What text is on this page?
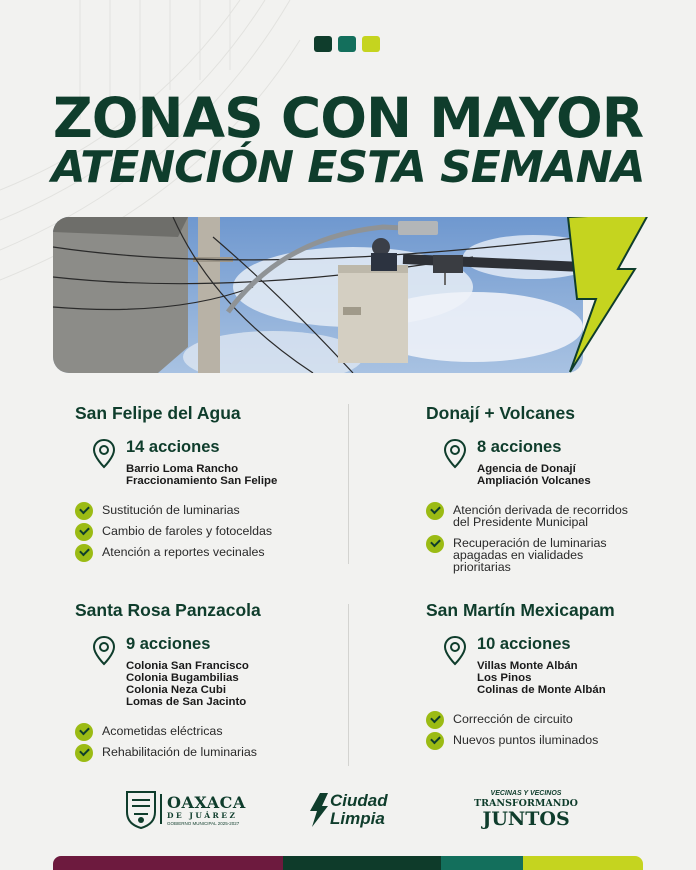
ZONAS CON MAYOR
ATENCIÓN ESTA SEMANA
San Felipe del Agua
14 acciones
Barrio Loma Rancho
Fraccionamiento San Felipe
Sustitución de luminarias
Cambio de faroles y fotoceldas
Atención a reportes vecinales
Donají + Volcanes
8 acciones
Agencia de Donají
Ampliación Volcanes
Atención derivada de recorridos
del Presidente Municipal
Recuperación de luminarias
apagadas en vialidades
prioritarias
Santa Rosa Panzacola
9 acciones
Colonia San Francisco
Colonia Bugambilias
Colonia Neza Cubi
Lomas de San Jacinto
Acometidas eléctricas
Rehabilitación de luminarias
San Martín Mexicapam
10 acciones
Villas Monte Albán
Los Pinos
Colinas de Monte Albán
Corrección de circuito
Nuevos puntos iluminados
OAXACA
DE JUÁREZ
GOBIERNO MUNICIPAL 2025-2027
Ciudad
Limpia
VECINAS Y VECINOS
TRANSFORMANDO
JUNTOS
